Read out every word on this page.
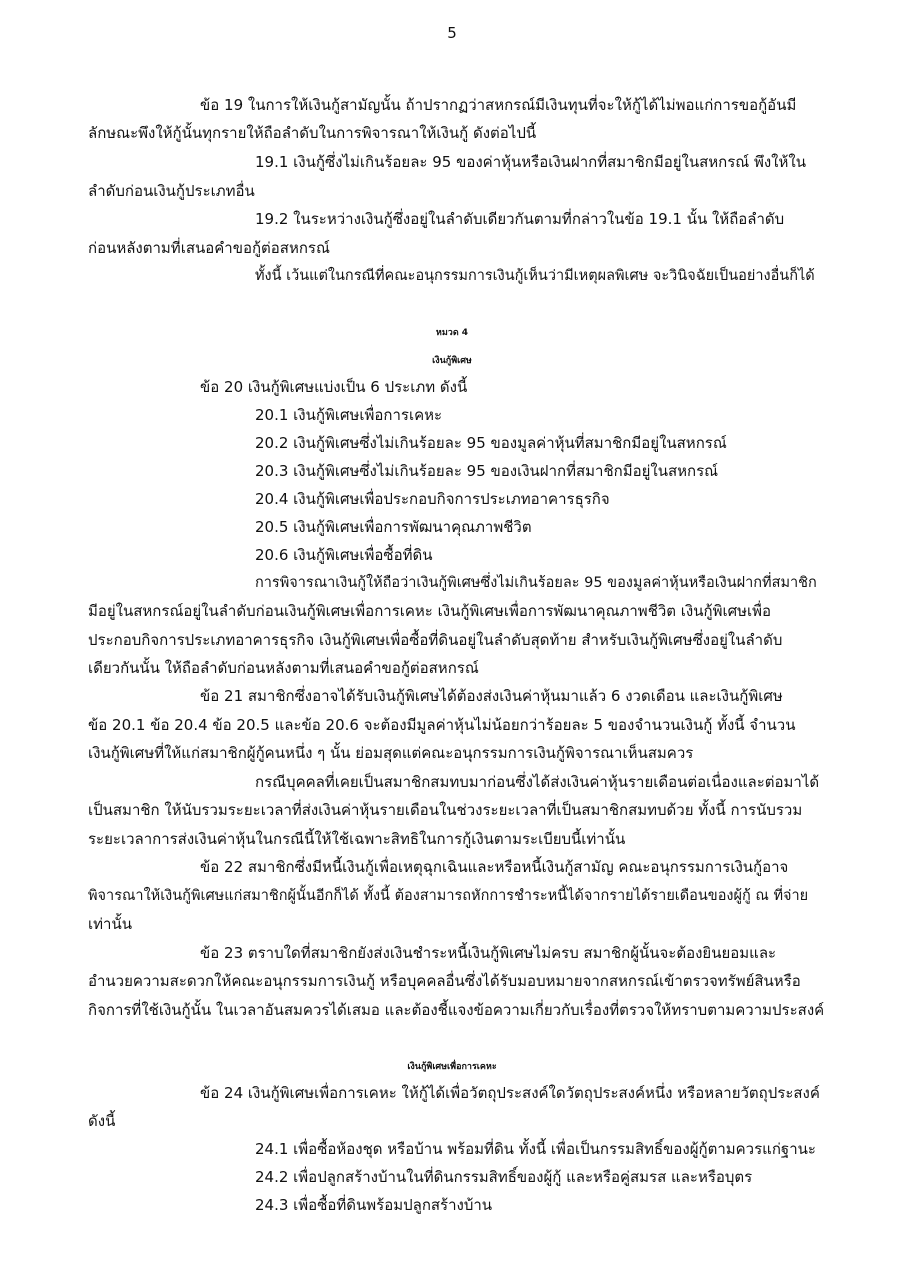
5
ข้อ 19 ในการให้เงินกู้สามัญนั้น ถ้าปรากฏว่าสหกรณ์มีเงินทุนที่จะให้กู้ได้ไม่พอแก่การขอกู้อันมี
ลักษณะพึงให้กู้นั้นทุกรายให้ถือลำดับในการพิจารณาให้เงินกู้ ดังต่อไปนี้
19.1 เงินกู้ซึ่งไม่เกินร้อยละ 95 ของค่าหุ้นหรือเงินฝากที่สมาชิกมีอยู่ในสหกรณ์ พึงให้ใน
ลำดับก่อนเงินกู้ประเภทอื่น
19.2 ในระหว่างเงินกู้ซึ่งอยู่ในลำดับเดียวกันตามที่กล่าวในข้อ 19.1 นั้น ให้ถือลำดับ
ก่อนหลังตามที่เสนอคำขอกู้ต่อสหกรณ์
ทั้งนี้ เว้นแต่ในกรณีที่คณะอนุกรรมการเงินกู้เห็นว่ามีเหตุผลพิเศษ จะวินิจฉัยเป็นอย่างอื่นก็ได้
หมวด 4
เงินกู้พิเศษ
ข้อ 20 เงินกู้พิเศษแบ่งเป็น 6 ประเภท ดังนี้
20.1 เงินกู้พิเศษเพื่อการเคหะ
20.2 เงินกู้พิเศษซึ่งไม่เกินร้อยละ 95 ของมูลค่าหุ้นที่สมาชิกมีอยู่ในสหกรณ์
20.3 เงินกู้พิเศษซึ่งไม่เกินร้อยละ 95 ของเงินฝากที่สมาชิกมีอยู่ในสหกรณ์
20.4 เงินกู้พิเศษเพื่อประกอบกิจการประเภทอาคารธุรกิจ
20.5 เงินกู้พิเศษเพื่อการพัฒนาคุณภาพชีวิต
20.6 เงินกู้พิเศษเพื่อซื้อที่ดิน
การพิจารณาเงินกู้ให้ถือว่าเงินกู้พิเศษซึ่งไม่เกินร้อยละ 95 ของมูลค่าหุ้นหรือเงินฝากที่สมาชิก
มีอยู่ในสหกรณ์อยู่ในลำดับก่อนเงินกู้พิเศษเพื่อการเคหะ เงินกู้พิเศษเพื่อการพัฒนาคุณภาพชีวิต เงินกู้พิเศษเพื่อ
ประกอบกิจการประเภทอาคารธุรกิจ เงินกู้พิเศษเพื่อซื้อที่ดินอยู่ในลำดับสุดท้าย สำหรับเงินกู้พิเศษซึ่งอยู่ในลำดับ
เดียวกันนั้น ให้ถือลำดับก่อนหลังตามที่เสนอคำขอกู้ต่อสหกรณ์
ข้อ 21 สมาชิกซึ่งอาจได้รับเงินกู้พิเศษได้ต้องส่งเงินค่าหุ้นมาแล้ว 6 งวดเดือน และเงินกู้พิเศษ
ข้อ 20.1 ข้อ 20.4 ข้อ 20.5 และข้อ 20.6 จะต้องมีมูลค่าหุ้นไม่น้อยกว่าร้อยละ 5 ของจำนวนเงินกู้ ทั้งนี้ จำนวน
เงินกู้พิเศษที่ให้แก่สมาชิกผู้กู้คนหนึ่ง ๆ นั้น ย่อมสุดแต่คณะอนุกรรมการเงินกู้พิจารณาเห็นสมควร
กรณีบุคคลที่เคยเป็นสมาชิกสมทบมาก่อนซึ่งได้ส่งเงินค่าหุ้นรายเดือนต่อเนื่องและต่อมาได้
เป็นสมาชิก ให้นับรวมระยะเวลาที่ส่งเงินค่าหุ้นรายเดือนในช่วงระยะเวลาที่เป็นสมาชิกสมทบด้วย ทั้งนี้ การนับรวม
ระยะเวลาการส่งเงินค่าหุ้นในกรณีนี้ให้ใช้เฉพาะสิทธิในการกู้เงินตามระเบียบนี้เท่านั้น
ข้อ 22 สมาชิกซึ่งมีหนี้เงินกู้เพื่อเหตุฉุกเฉินและหรือหนี้เงินกู้สามัญ คณะอนุกรรมการเงินกู้อาจ
พิจารณาให้เงินกู้พิเศษแก่สมาชิกผู้นั้นอีกก็ได้ ทั้งนี้ ต้องสามารถหักการชำระหนี้ได้จากรายได้รายเดือนของผู้กู้ ณ ที่จ่าย
เท่านั้น
ข้อ 23 ตราบใดที่สมาชิกยังส่งเงินชำระหนี้เงินกู้พิเศษไม่ครบ สมาชิกผู้นั้นจะต้องยินยอมและ
อำนวยความสะดวกให้คณะอนุกรรมการเงินกู้ หรือบุคคลอื่นซึ่งได้รับมอบหมายจากสหกรณ์เข้าตรวจทรัพย์สินหรือ
กิจการที่ใช้เงินกู้นั้น ในเวลาอันสมควรได้เสมอ และต้องชี้แจงข้อความเกี่ยวกับเรื่องที่ตรวจให้ทราบตามความประสงค์
เงินกู้พิเศษเพื่อการเคหะ
ข้อ 24 เงินกู้พิเศษเพื่อการเคหะ ให้กู้ได้เพื่อวัตถุประสงค์ใดวัตถุประสงค์หนึ่ง หรือหลายวัตถุประสงค์
ดังนี้
24.1 เพื่อซื้อห้องชุด หรือบ้าน พร้อมที่ดิน ทั้งนี้ เพื่อเป็นกรรมสิทธิ์ของผู้กู้ตามควรแก่ฐานะ
24.2 เพื่อปลูกสร้างบ้านในที่ดินกรรมสิทธิ์ของผู้กู้ และหรือคู่สมรส และหรือบุตร
24.3 เพื่อซื้อที่ดินพร้อมปลูกสร้างบ้าน
